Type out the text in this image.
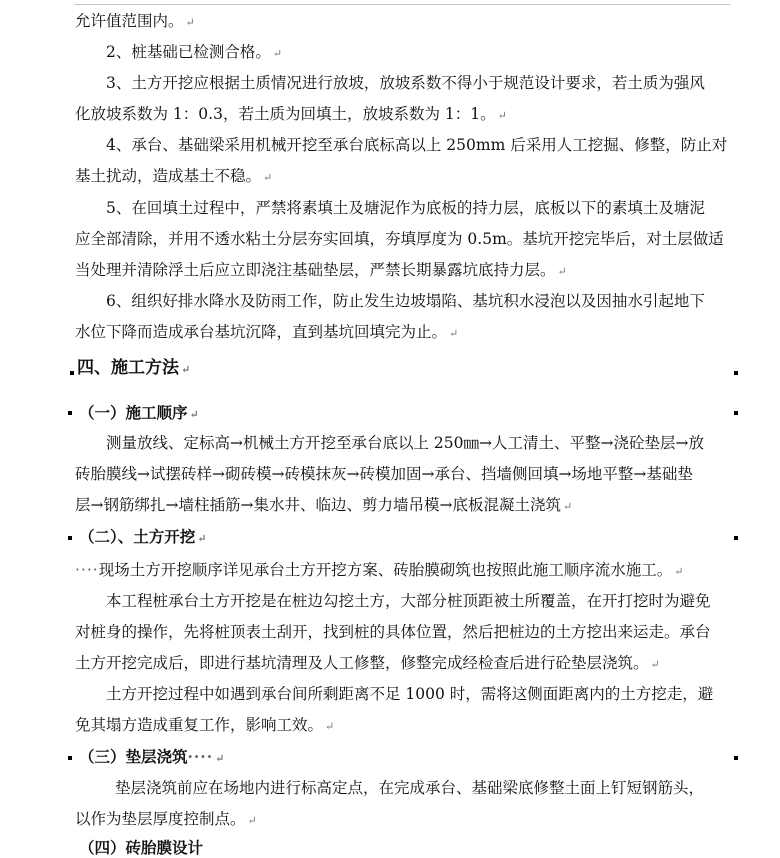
允许值范围内。 ↵
2、桩基础已检测合格。 ↵
3、土方开挖应根据土质情况进行放坡，放坡系数不得小于规范设计要求，若土质为强风
化放坡系数为 1：0.3，若土质为回填土，放坡系数为 1：1。 ↵
4、承台、基础梁采用机械开挖至承台底标高以上 250mm 后采用人工挖掘、修整，防止对
基土扰动，造成基土不稳。 ↵
5、在回填土过程中，严禁将素填土及塘泥作为底板的持力层，底板以下的素填土及塘泥
应全部清除，并用不透水粘土分层夯实回填，夯填厚度为 0.5m。基坑开挖完毕后，对土层做适
当处理并清除浮土后应立即浇注基础垫层，严禁长期暴露坑底持力层。 ↵
6、组织好排水降水及防雨工作，防止发生边坡塌陷、基坑积水浸泡以及因抽水引起地下
水位下降而造成承台基坑沉降，直到基坑回填完为止。 ↵
四、施工方法 ↵
（一）施工顺序 ↵
测量放线、定标高→机械土方开挖至承台底以上 250㎜→人工清土、平整→浇砼垫层→放
砖胎膜线→试摆砖样→砌砖模→砖模抹灰→砖模加固→承台、挡墙侧回填→场地平整→基础垫
层→钢筋绑扎→墙柱插筋→集水井、临边、剪力墙吊模→底板混凝土浇筑 ↵
（二）、土方开挖 ↵
····现场土方开挖顺序详见承台土方开挖方案、砖胎膜砌筑也按照此施工顺序流水施工。 ↵
本工程桩承台土方开挖是在桩边勾挖土方，大部分桩顶距被土所覆盖，在开打挖时为避免
对桩身的操作，先将桩顶表土刮开，找到桩的具体位置，然后把桩边的土方挖出来运走。承台
土方开挖完成后，即进行基坑清理及人工修整，修整完成经检查后进行砼垫层浇筑。 ↵
土方开挖过程中如遇到承台间所剩距离不足 1000 时，需将这侧面距离内的土方挖走，避
免其塌方造成重复工作，影响工效。 ↵
（三）垫层浇筑···· ↵
垫层浇筑前应在场地内进行标高定点，在完成承台、基础梁底修整土面上钉短钢筋头，
以作为垫层厚度控制点。 ↵
（四）砖胎膜设计
